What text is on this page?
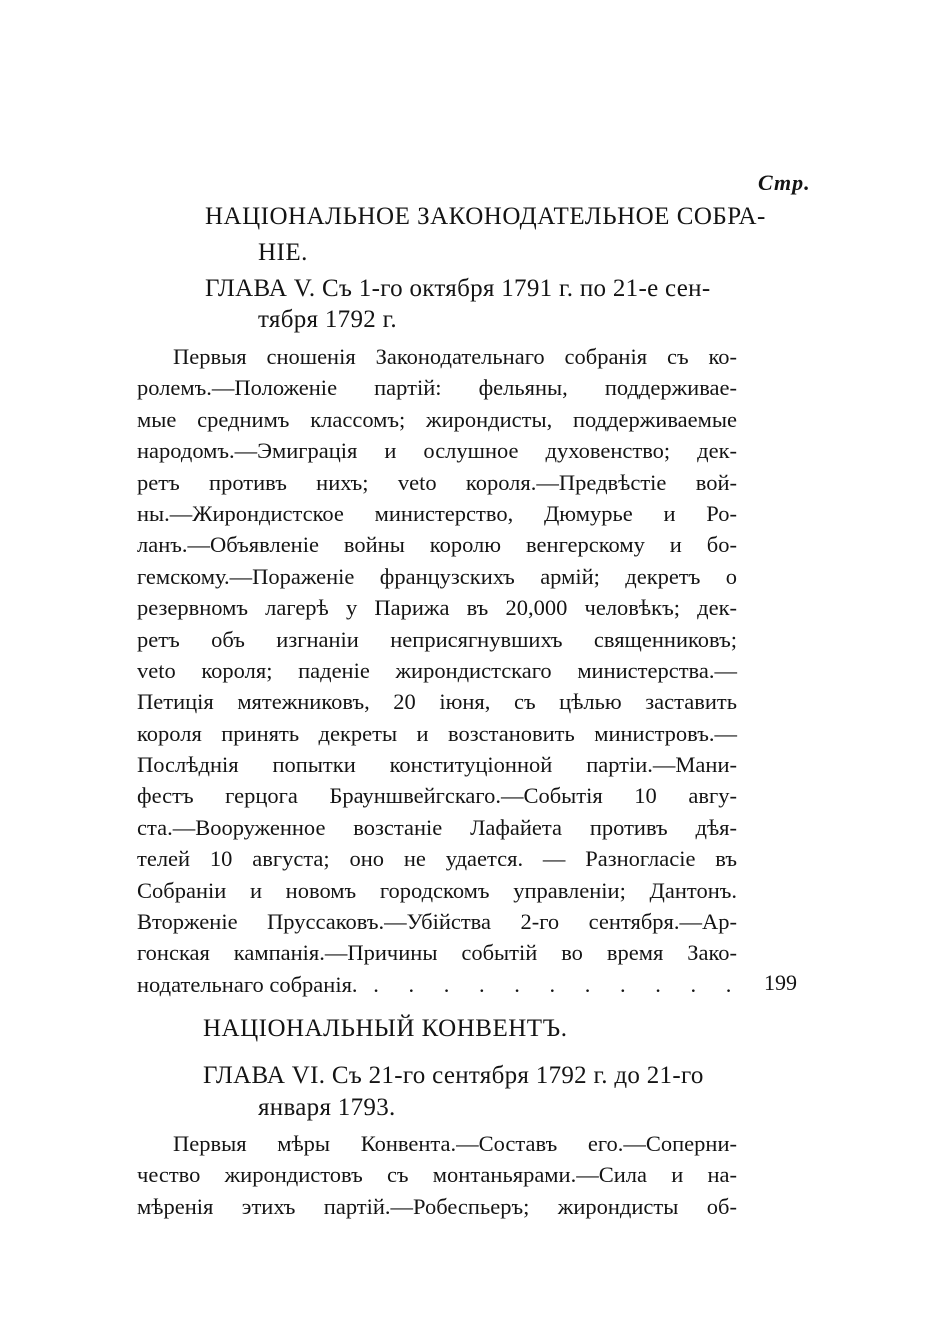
Стр.
НАЦІОНАЛЬНОЕ ЗАКОНОДАТЕЛЬНОЕ СОБРА-
НІЕ.
ГЛАВА V. Съ 1-го октября 1791 г. по 21-е сен-
тября 1792 г.
Первыя сношенія Законодательнаго собранія съ ко-
ролемъ.—Положеніе партій: фельяны, поддерживае-
мые среднимъ классомъ; жирондисты, поддерживаемые
народомъ.—Эмиграція и ослушное духовенство; дек-
ретъ противъ нихъ; veto короля.—Предвѣстіе вой-
ны.—Жирондистское министерство, Дюмурье и Ро-
ланъ.—Объявленіе войны королю венгерскому и бо-
гемскому.—Пораженіе французскихъ армій; декретъ о
резервномъ лагерѣ у Парижа въ 20,000 человѣкъ; дек-
ретъ объ изгнаніи неприсягнувшихъ священниковъ;
veto короля; паденіе жирондистскаго министерства.—
Петиція мятежниковъ, 20 іюня, съ цѣлью заставить
короля принять декреты и возстановить министровъ.—
Послѣднія попытки конституціонной партіи.—Мани-
фестъ герцога Брауншвейгскаго.—Событія 10 авгу-
ста.—Вооруженное возстаніе Лафайета противъ дѣя-
телей 10 августа; оно не удается. — Разногласіе въ
Собраніи и новомъ городскомъ управленіи; Дантонъ.
Вторженіе Пруссаковъ.—Убійства 2-го сентября.—Ар-
гонская кампанія.—Причины событій во время Зако-
нодательнаго собранія. . . . . . . . . . . . 199
НАЦІОНАЛЬНЫЙ КОНВЕНТЪ.
ГЛАВА VI. Съ 21-го сентября 1792 г. до 21-го
января 1793.
Первыя мѣры Конвента.—Составъ его.—Соперни-
чество жирондистовъ съ монтаньярами.—Сила и на-
мѣренія этихъ партій.—Робеспьеръ; жирондисты об-
